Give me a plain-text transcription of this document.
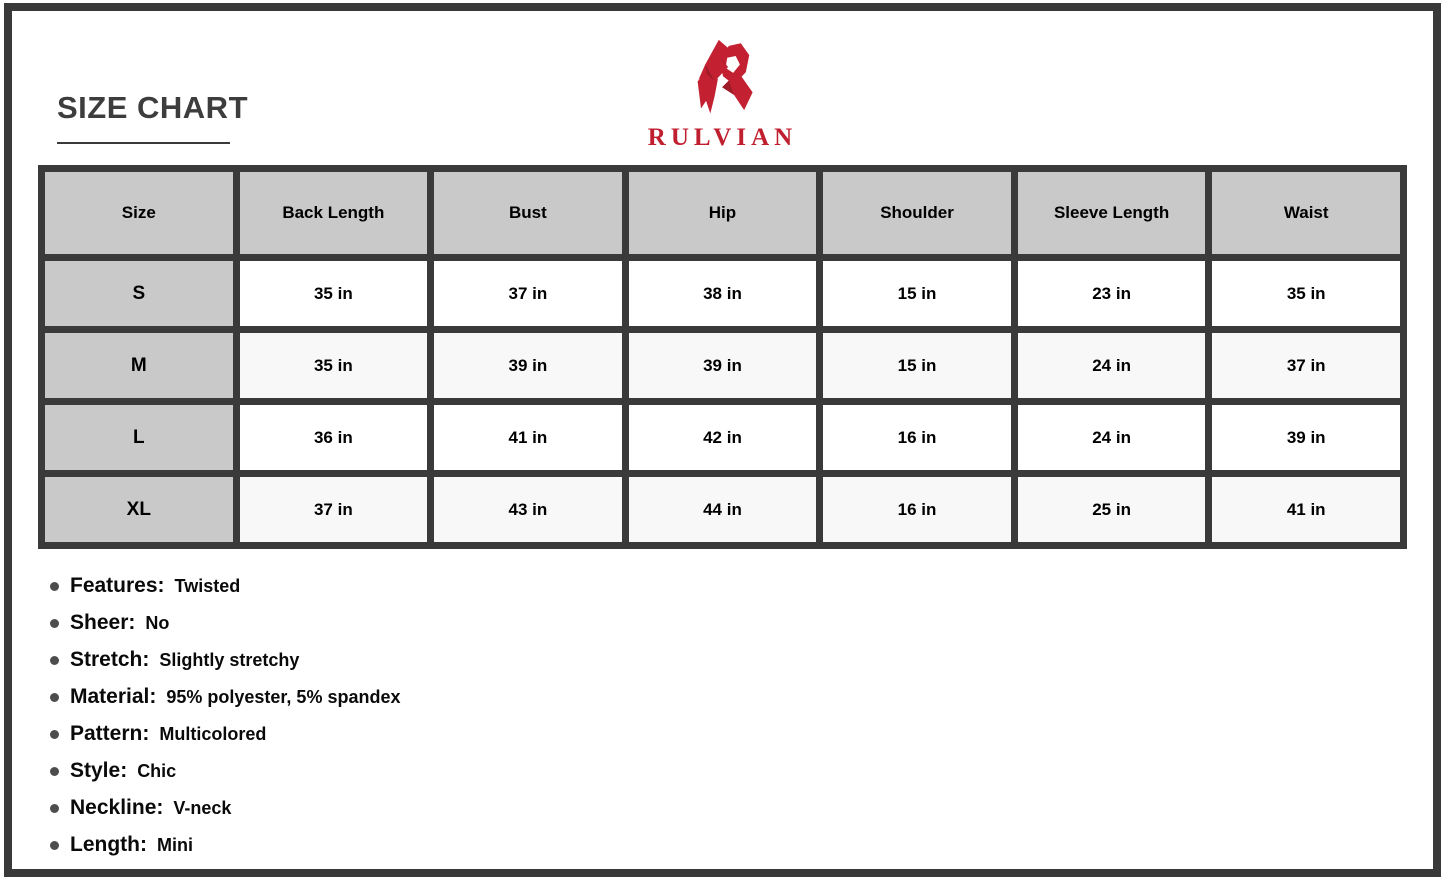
SIZE CHART
RULVIAN
Size	Back Length	Bust	Hip	Shoulder	Sleeve Length	Waist
S	35 in	37 in	38 in	15 in	23 in	35 in
M	35 in	39 in	39 in	15 in	24 in	37 in
L	36 in	41 in	42 in	16 in	24 in	39 in
XL	37 in	43 in	44 in	16 in	25 in	41 in
Features: Twisted
Sheer: No
Stretch: Slightly stretchy
Material: 95% polyester, 5% spandex
Pattern: Multicolored
Style: Chic
Neckline: V-neck
Length: Mini
